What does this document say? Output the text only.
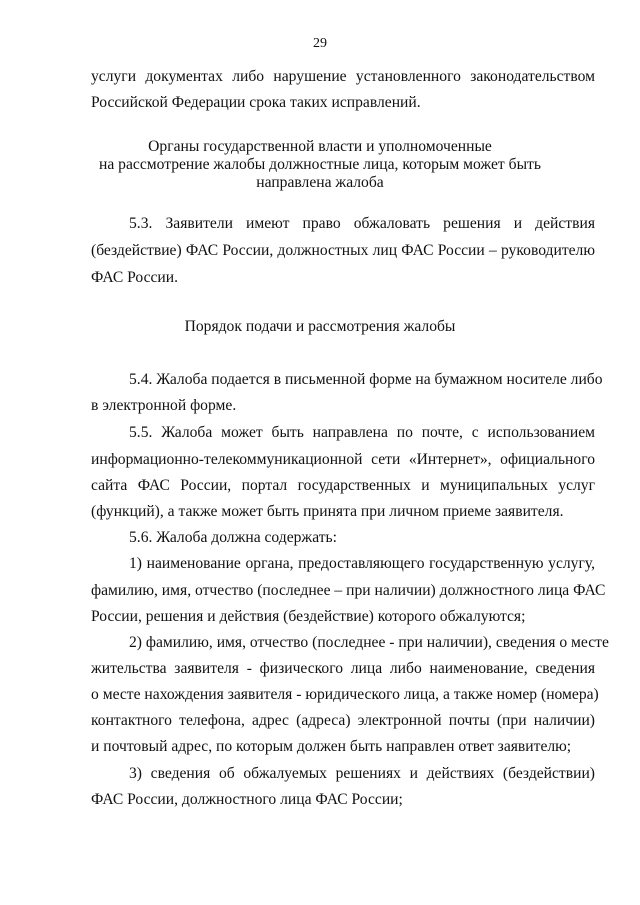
29
услуги документах либо нарушение установленного законодательством
Российской Федерации срока таких исправлений.
Органы государственной власти и уполномоченные
на рассмотрение жалобы должностные лица, которым может быть
направлена жалоба
5.3. Заявители имеют право обжаловать решения и действия
(бездействие) ФАС России, должностных лиц ФАС России – руководителю
ФАС России.
Порядок подачи и рассмотрения жалобы
5.4. Жалоба подается в письменной форме на бумажном носителе либо
в электронной форме.
5.5. Жалоба может быть направлена по почте, с использованием
информационно-телекоммуникационной сети «Интернет», официального
сайта ФАС России, портал государственных и муниципальных услуг
(функций), а также может быть принята при личном приеме заявителя.
5.6. Жалоба должна содержать:
1) наименование органа, предоставляющего государственную услугу,
фамилию, имя, отчество (последнее – при наличии) должностного лица ФАС
России, решения и действия (бездействие) которого обжалуются;
2) фамилию, имя, отчество (последнее - при наличии), сведения о месте
жительства заявителя - физического лица либо наименование, сведения
о месте нахождения заявителя - юридического лица, а также номер (номера)
контактного телефона, адрес (адреса) электронной почты (при наличии)
и почтовый адрес, по которым должен быть направлен ответ заявителю;
3) сведения об обжалуемых решениях и действиях (бездействии)
ФАС России, должностного лица ФАС России;
